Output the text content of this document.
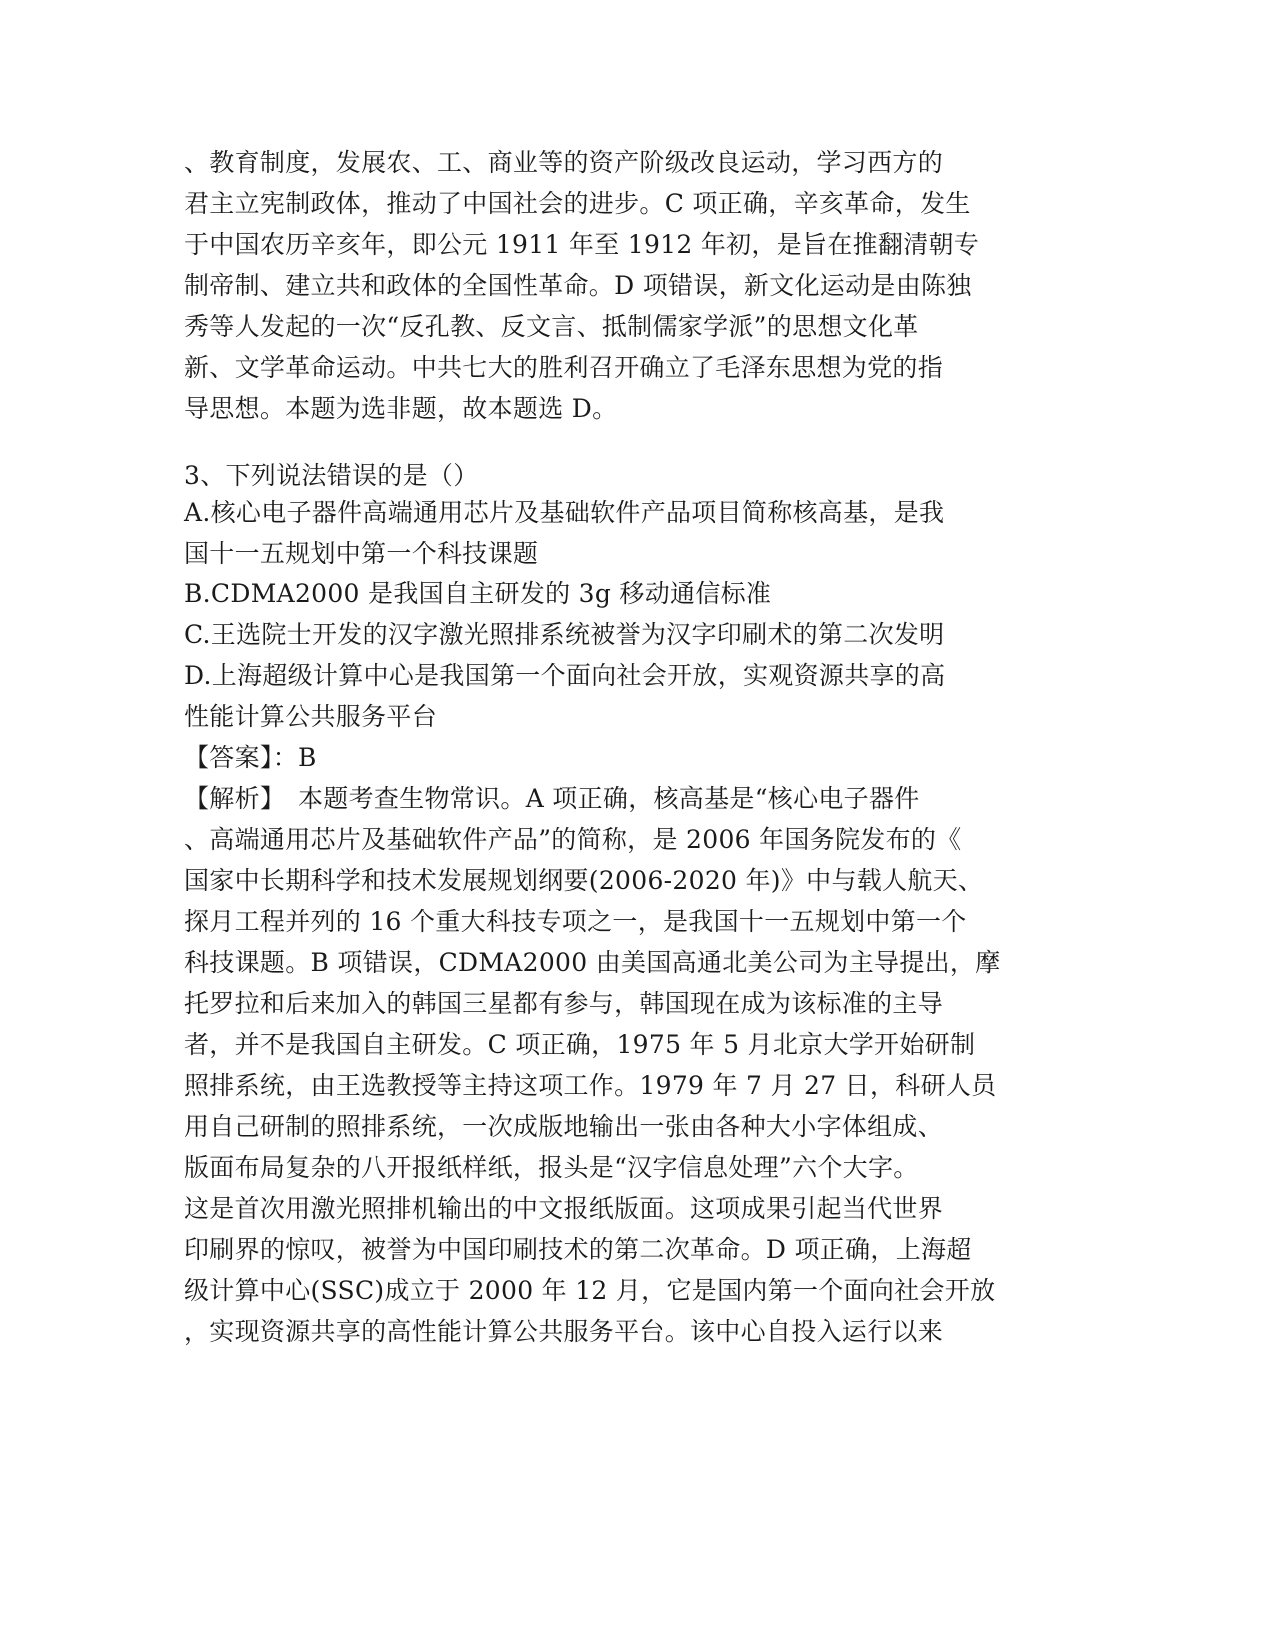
、教育制度，发展农、工、商业等的资产阶级改良运动，学习西方的
君主立宪制政体，推动了中国社会的进步。C 项正确，辛亥革命，发生
于中国农历辛亥年，即公元 1911 年至 1912 年初，是旨在推翻清朝专
制帝制、建立共和政体的全国性革命。D 项错误，新文化运动是由陈独
秀等人发起的一次“反孔教、反文言、抵制儒家学派”的思想文化革
新、文学革命运动。中共七大的胜利召开确立了毛泽东思想为党的指
导思想。本题为选非题，故本题选 D。
3、下列说法错误的是（）
A.核心电子器件高端通用芯片及基础软件产品项目简称核高基，是我
国十一五规划中第一个科技课题
B.CDMA2000 是我国自主研发的 3g 移动通信标准
C.王选院士开发的汉字激光照排系统被誉为汉字印刷术的第二次发明
D.上海超级计算中心是我国第一个面向社会开放，实观资源共享的高
性能计算公共服务平台
【答案】：B
【解析】　本题考查生物常识。A 项正确，核高基是“核心电子器件
、高端通用芯片及基础软件产品”的简称，是 2006 年国务院发布的《
国家中长期科学和技术发展规划纲要(2006-2020 年)》中与载人航天、
探月工程并列的 16 个重大科技专项之一，是我国十一五规划中第一个
科技课题。B 项错误，CDMA2000 由美国高通北美公司为主导提出，摩
托罗拉和后来加入的韩国三星都有参与，韩国现在成为该标准的主导
者，并不是我国自主研发。C 项正确，1975 年 5 月北京大学开始研制
照排系统，由王选教授等主持这项工作。1979 年 7 月 27 日，科研人员
用自己研制的照排系统，一次成版地输出一张由各种大小字体组成、
版面布局复杂的八开报纸样纸，报头是“汉字信息处理”六个大字。
这是首次用激光照排机输出的中文报纸版面。这项成果引起当代世界
印刷界的惊叹，被誉为中国印刷技术的第二次革命。D 项正确，上海超
级计算中心(SSC)成立于 2000 年 12 月，它是国内第一个面向社会开放
，实现资源共享的高性能计算公共服务平台。该中心自投入运行以来
